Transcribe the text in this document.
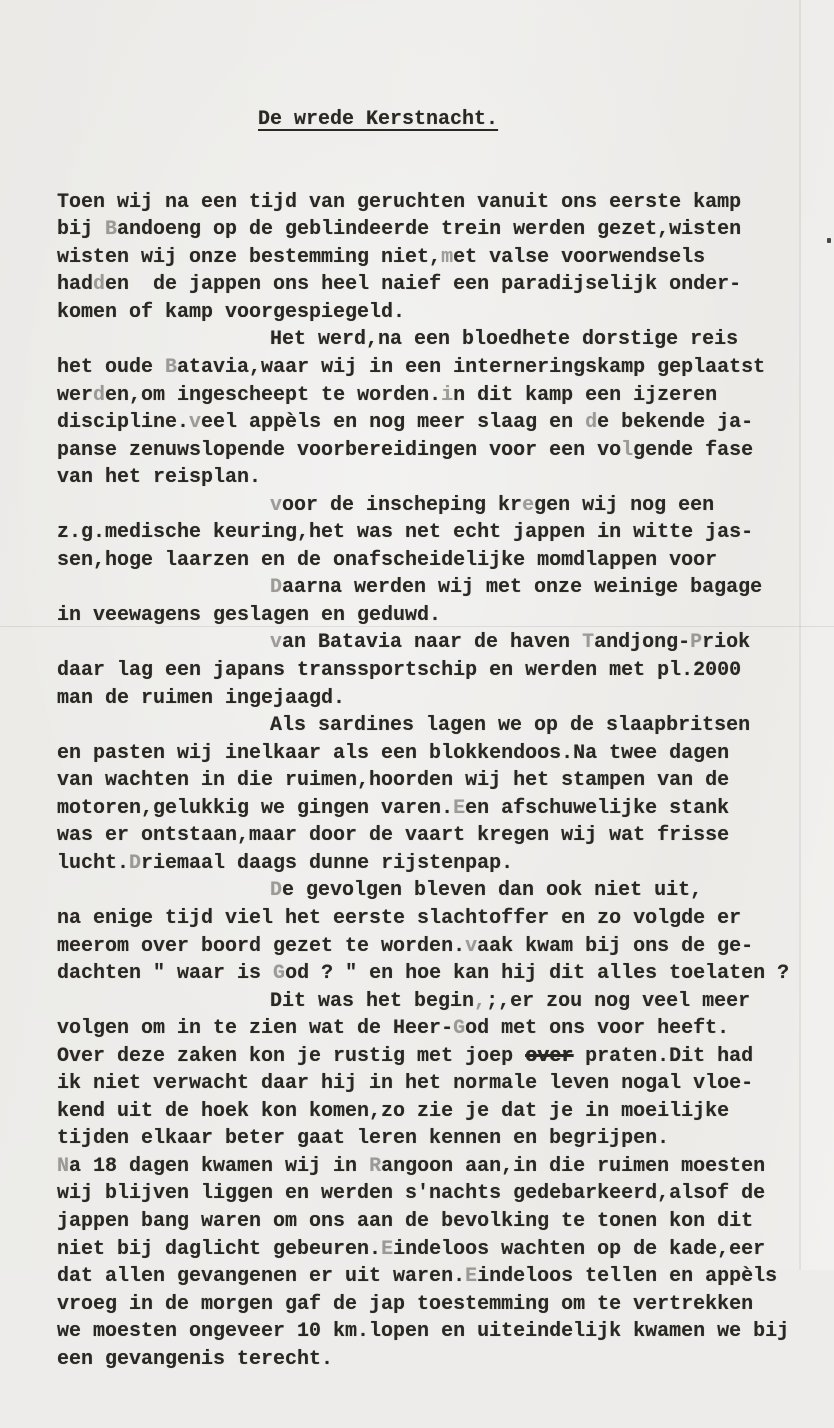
De wrede Kerstnacht.

Toen wij na een tijd van geruchten vanuit ons eerste kamp
bij Bandoeng op de geblindeerde trein werden gezet,wisten
wisten wij onze bestemming niet,met valse voorwendsels
hadden  de jappen ons heel naief een paradijselijk onder-
komen of kamp voorgespiegeld.
Het werd,na een bloedhete dorstige reis
het oude Batavia,waar wij in een interneringskamp geplaatst
werden,om ingescheept te worden.in dit kamp een ijzeren
discipline.veel appèls en nog meer slaag en de bekende ja-
panse zenuwslopende voorbereidingen voor een volgende fase
van het reisplan.
voor de inscheping kregen wij nog een
z.g.medische keuring,het was net echt jappen in witte jas-
sen,hoge laarzen en de onafscheidelijke momdlappen voor
Daarna werden wij met onze weinige bagage
in veewagens geslagen en geduwd.
van Batavia naar de haven Tandjong-Priok
daar lag een japans transsportschip en werden met pl.2000
man de ruimen ingejaagd.
Als sardines lagen we op de slaapbritsen
en pasten wij inelkaar als een blokkendoos.Na twee dagen
van wachten in die ruimen,hoorden wij het stampen van de
motoren,gelukkig we gingen varen.Een afschuwelijke stank
was er ontstaan,maar door de vaart kregen wij wat frisse
lucht.Driemaal daags dunne rijstenpap.
De gevolgen bleven dan ook niet uit,
na enige tijd viel het eerste slachtoffer en zo volgde er
meerom over boord gezet te worden.vaak kwam bij ons de ge-
dachten " waar is God ? " en hoe kan hij dit alles toelaten ?
Dit was het begin,;,er zou nog veel meer
volgen om in te zien wat de Heer-God met ons voor heeft.
Over deze zaken kon je rustig met joep over praten.Dit had
ik niet verwacht daar hij in het normale leven nogal vloe-
kend uit de hoek kon komen,zo zie je dat je in moeilijke
tijden elkaar beter gaat leren kennen en begrijpen.
Na 18 dagen kwamen wij in Rangoon aan,in die ruimen moesten
wij blijven liggen en werden s'nachts gedebarkeerd,alsof de
jappen bang waren om ons aan de bevolking te tonen kon dit
niet bij daglicht gebeuren.Eindeloos wachten op de kade,eer
dat allen gevangenen er uit waren.Eindeloos tellen en appèls
vroeg in de morgen gaf de jap toestemming om te vertrekken
we moesten ongeveer 10 km.lopen en uiteindelijk kwamen we bij
een gevangenis terecht.
